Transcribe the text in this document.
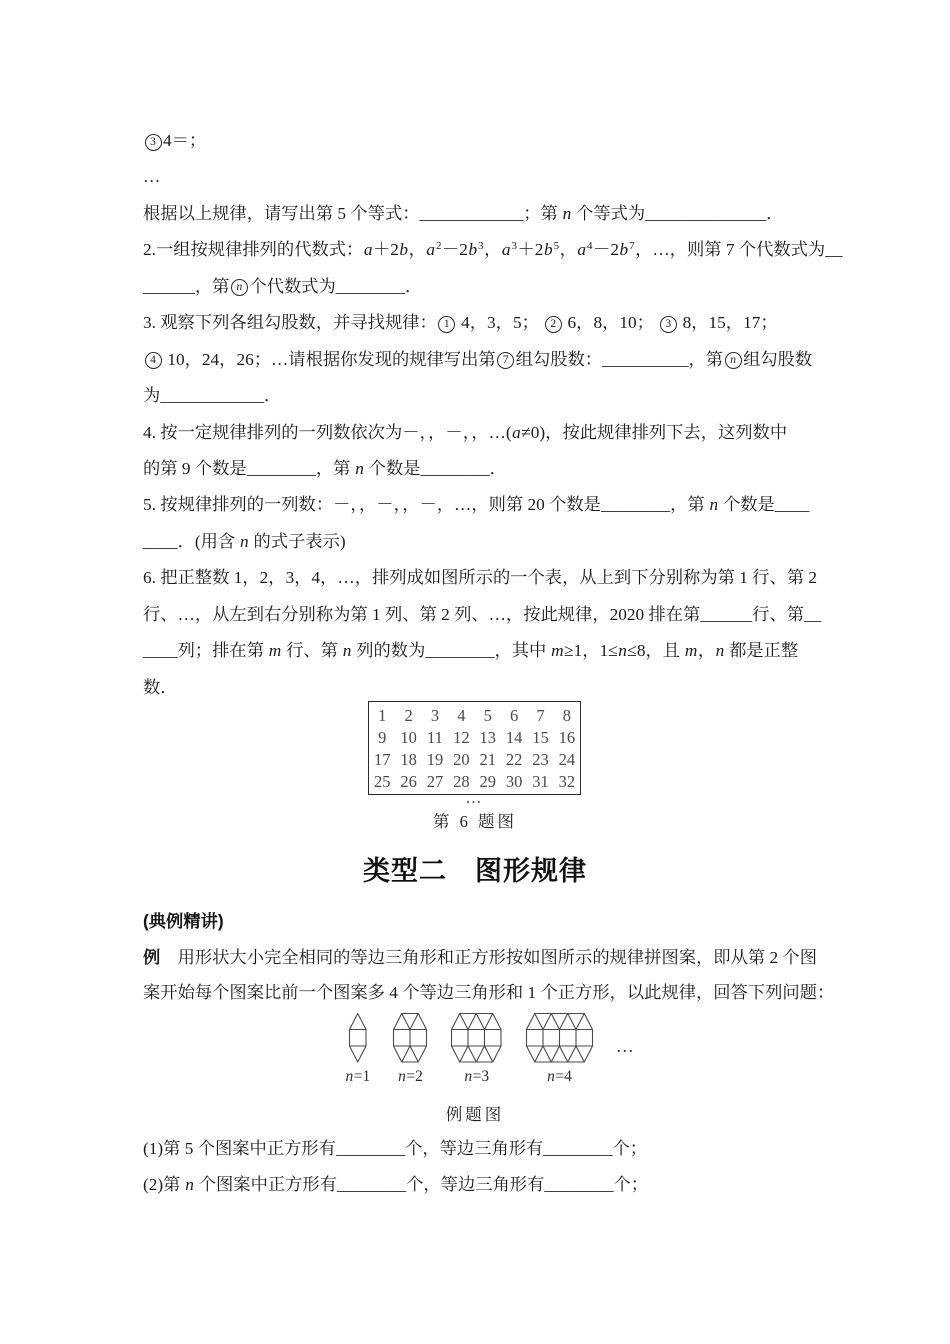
3 4＝；
…
根据以上规律，请写出第 5 个等式：____________；第 n 个等式为______________．
2.一组按规律排列的代数式：a＋2b，$a^2-2b^3$，$a^3+2b^5$，$a^4-2b^7$，…，则第 7 个代数式为__
______，第 n 个代数式为________．
3. 观察下列各组勾股数，并寻找规律： 1 4，3，5； 2 6，8，10； 3 8，15，17；
4 10，24，26；…请根据你发现的规律写出第 7 组勾股数：__________，第 n 组勾股数
为____________．
4. 按一定规律排列的一列数依次为－，，－，，…(a≠0)，按此规律排列下去，这列数中
的第 9 个数是________，第 n 个数是________．
5. 按规律排列的一列数：－，，－，，－，…，则第 20 个数是________，第 n 个数是____
____．(用含 n 的式子表示)
6. 把正整数 1，2，3，4，…，排列成如图所示的一个表，从上到下分别称为第 1 行、第 2
行、…，从左到右分别称为第 1 列、第 2 列、…，按此规律，2020 排在第______行、第__
____列；排在第 m 行、第 n 列的数为________，其中 m≥1，1≤n≤8，且 m，n 都是正整
数．
1	2	3	4	5	6	7	8
9 10 11 12 13 14 15 16
17 18 19 20 21 22 23 24
25 26 27 28 29 30 31 32
…
第 6 题图
类型二　图形规律
(典例精讲)
例　用形状大小完全相同的等边三角形和正方形按如图所示的规律拼图案，即从第 2 个图
案开始每个图案比前一个图案多 4 个等边三角形和 1 个正方形，以此规律，回答下列问题：
n=1 n=2	n=3	n=4
…
例题图
(1)第 5 个图案中正方形有________个，等边三角形有________个；
(2)第 n 个图案中正方形有________个，等边三角形有________个；
